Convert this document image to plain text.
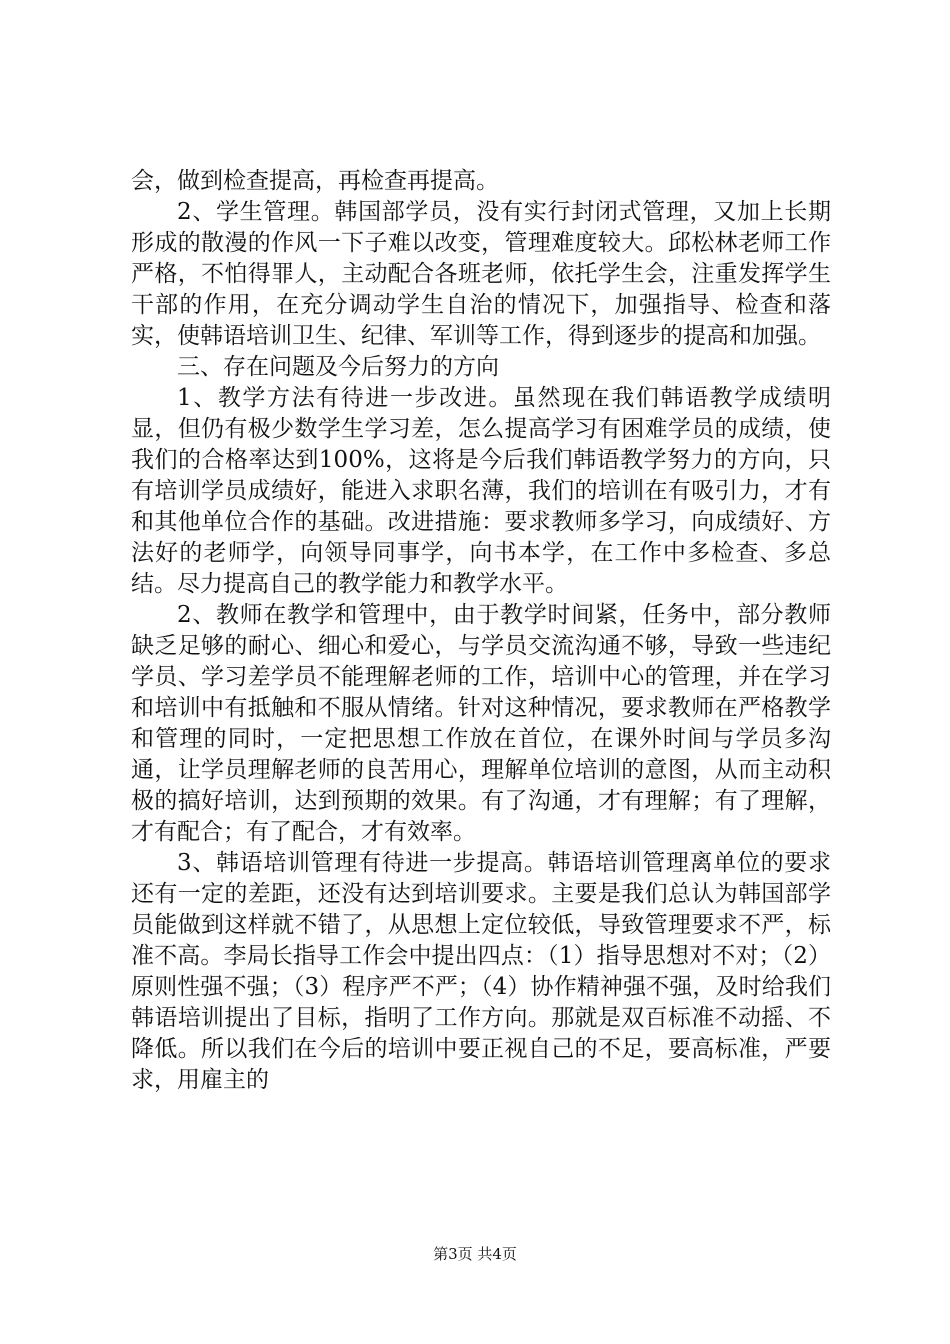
会，做到检查提高，再检查再提高。

2、学生管理。韩国部学员，没有实行封闭式管理，又加上长期形成的散漫的作风一下子难以改变，管理难度较大。邱松林老师工作严格，不怕得罪人，主动配合各班老师，依托学生会，注重发挥学生干部的作用，在充分调动学生自治的情况下，加强指导、检查和落实，使韩语培训卫生、纪律、军训等工作，得到逐步的提高和加强。

三、存在问题及今后努力的方向

1、教学方法有待进一步改进。虽然现在我们韩语教学成绩明显，但仍有极少数学生学习差，怎么提高学习有困难学员的成绩，使我们的合格率达到100%，这将是今后我们韩语教学努力的方向，只有培训学员成绩好，能进入求职名薄，我们的培训在有吸引力，才有和其他单位合作的基础。改进措施：要求教师多学习，向成绩好、方法好的老师学，向领导同事学，向书本学，在工作中多检查、多总结。尽力提高自己的教学能力和教学水平。

2、教师在教学和管理中，由于教学时间紧，任务中，部分教师缺乏足够的耐心、细心和爱心，与学员交流沟通不够，导致一些违纪学员、学习差学员不能理解老师的工作，培训中心的管理，并在学习和培训中有抵触和不服从情绪。针对这种情况，要求教师在严格教学和管理的同时，一定把思想工作放在首位，在课外时间与学员多沟通，让学员理解老师的良苦用心，理解单位培训的意图，从而主动积极的搞好培训，达到预期的效果。有了沟通，才有理解；有了理解，才有配合；有了配合，才有效率。

3、韩语培训管理有待进一步提高。韩语培训管理离单位的要求还有一定的差距，还没有达到培训要求。主要是我们总认为韩国部学员能做到这样就不错了，从思想上定位较低，导致管理要求不严，标准不高。李局长指导工作会中提出四点：（1）指导思想对不对；（2）原则性强不强；（3）程序严不严；（4）协作精神强不强，及时给我们韩语培训提出了目标，指明了工作方向。那就是双百标准不动摇、不降低。所以我们在今后的培训中要正视自己的不足，要高标准，严要求，用雇主的

第3页 共4页
